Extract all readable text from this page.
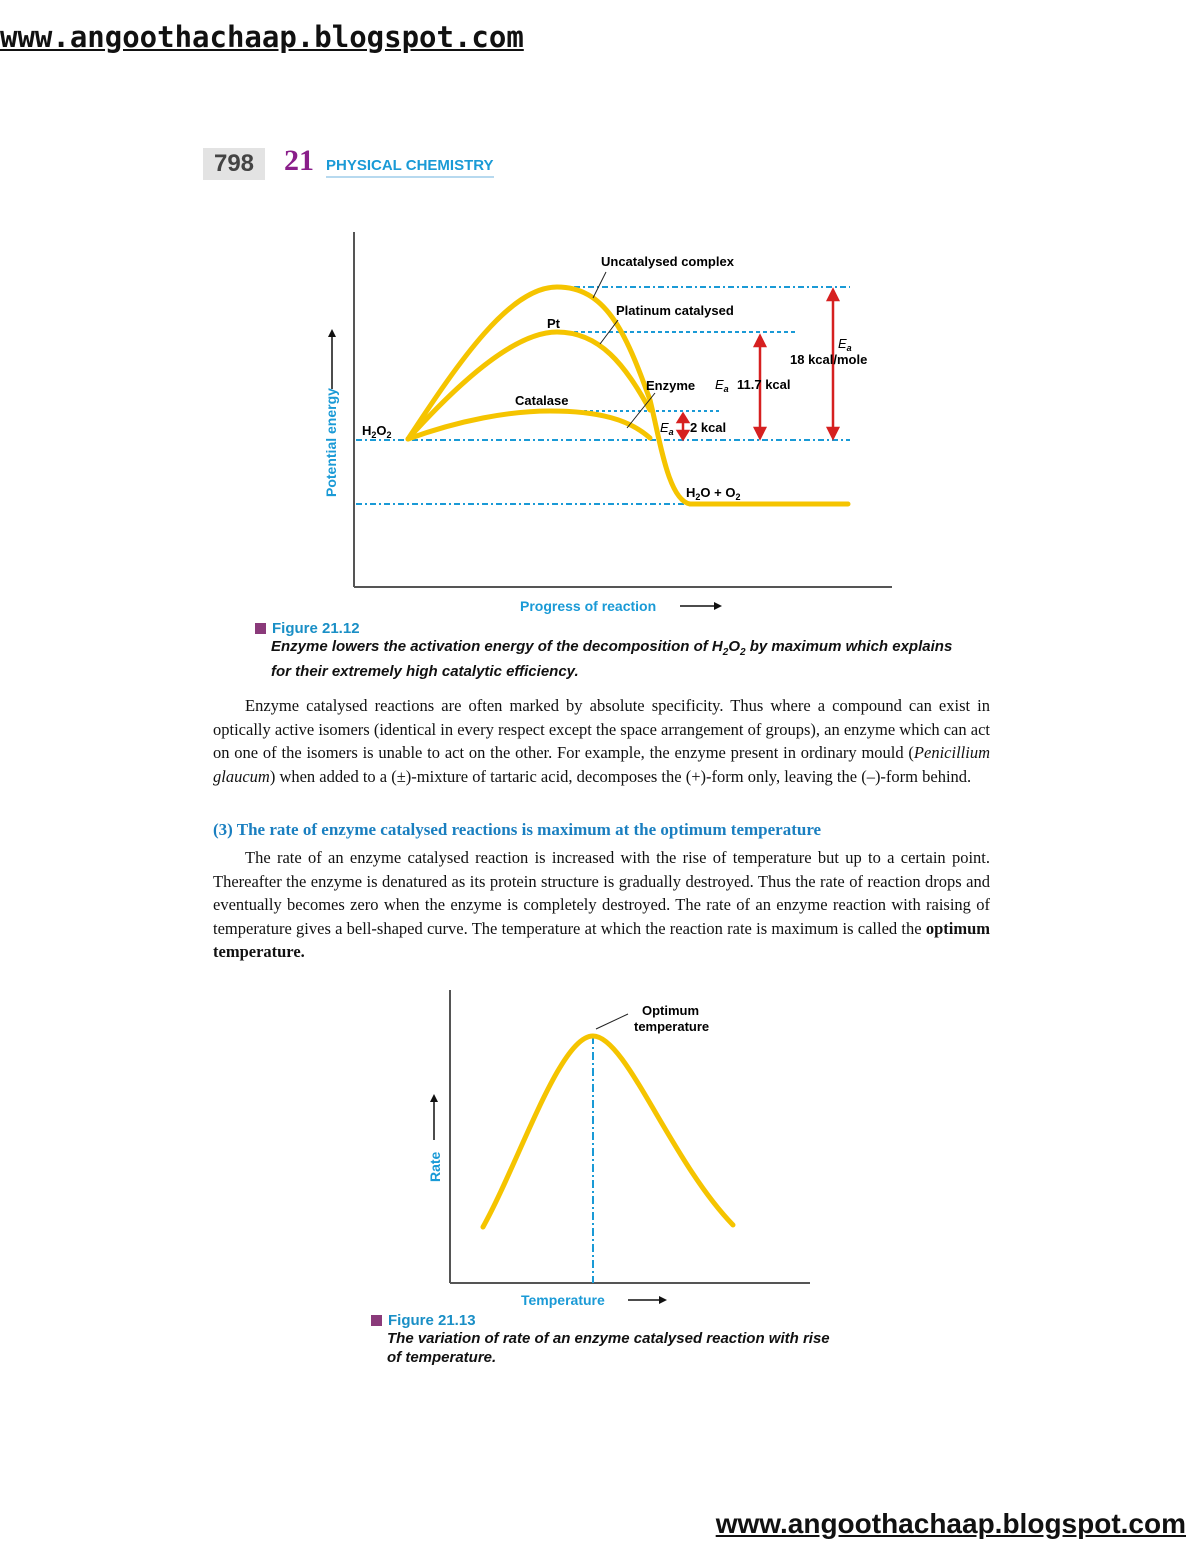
www.angoothachaap.blogspot.com
798 21 PHYSICAL CHEMISTRY
Uncatalysed complex
Platinum catalysed
Pt
Catalase
Enzyme
$H_2O_2$
$H_2O + O_2$
$E_a$
18 kcal/mole
$E_a$ 11.7 kcal
$E_a$ 2 kcal
Potential energy
Progress of reaction
Figure 21.12
Enzyme lowers the activation energy of the decomposition of $H_2O_2$ by maximum which explains for their extremely high catalytic efficiency.

Enzyme catalysed reactions are often marked by absolute specificity. Thus where a compound can exist in optically active isomers (identical in every respect except the space arrangement of groups), an enzyme which can act on one of the isomers is unable to act on the other. For example, the enzyme present in ordinary mould (Penicillium glaucum) when added to a (±)-mixture of tartaric acid, decomposes the (+)-form only, leaving the (–)-form behind.

(3) The rate of enzyme catalysed reactions is maximum at the optimum temperature

The rate of an enzyme catalysed reaction is increased with the rise of temperature but up to a certain point. Thereafter the enzyme is denatured as its protein structure is gradually destroyed. Thus the rate of reaction drops and eventually becomes zero when the enzyme is completely destroyed. The rate of an enzyme reaction with raising of temperature gives a bell-shaped curve. The temperature at which the reaction rate is maximum is called the optimum temperature.

Optimum
temperature
Rate
Temperature
Figure 21.13
The variation of rate of an enzyme catalysed reaction with rise of temperature.
www.angoothachaap.blogspot.com
